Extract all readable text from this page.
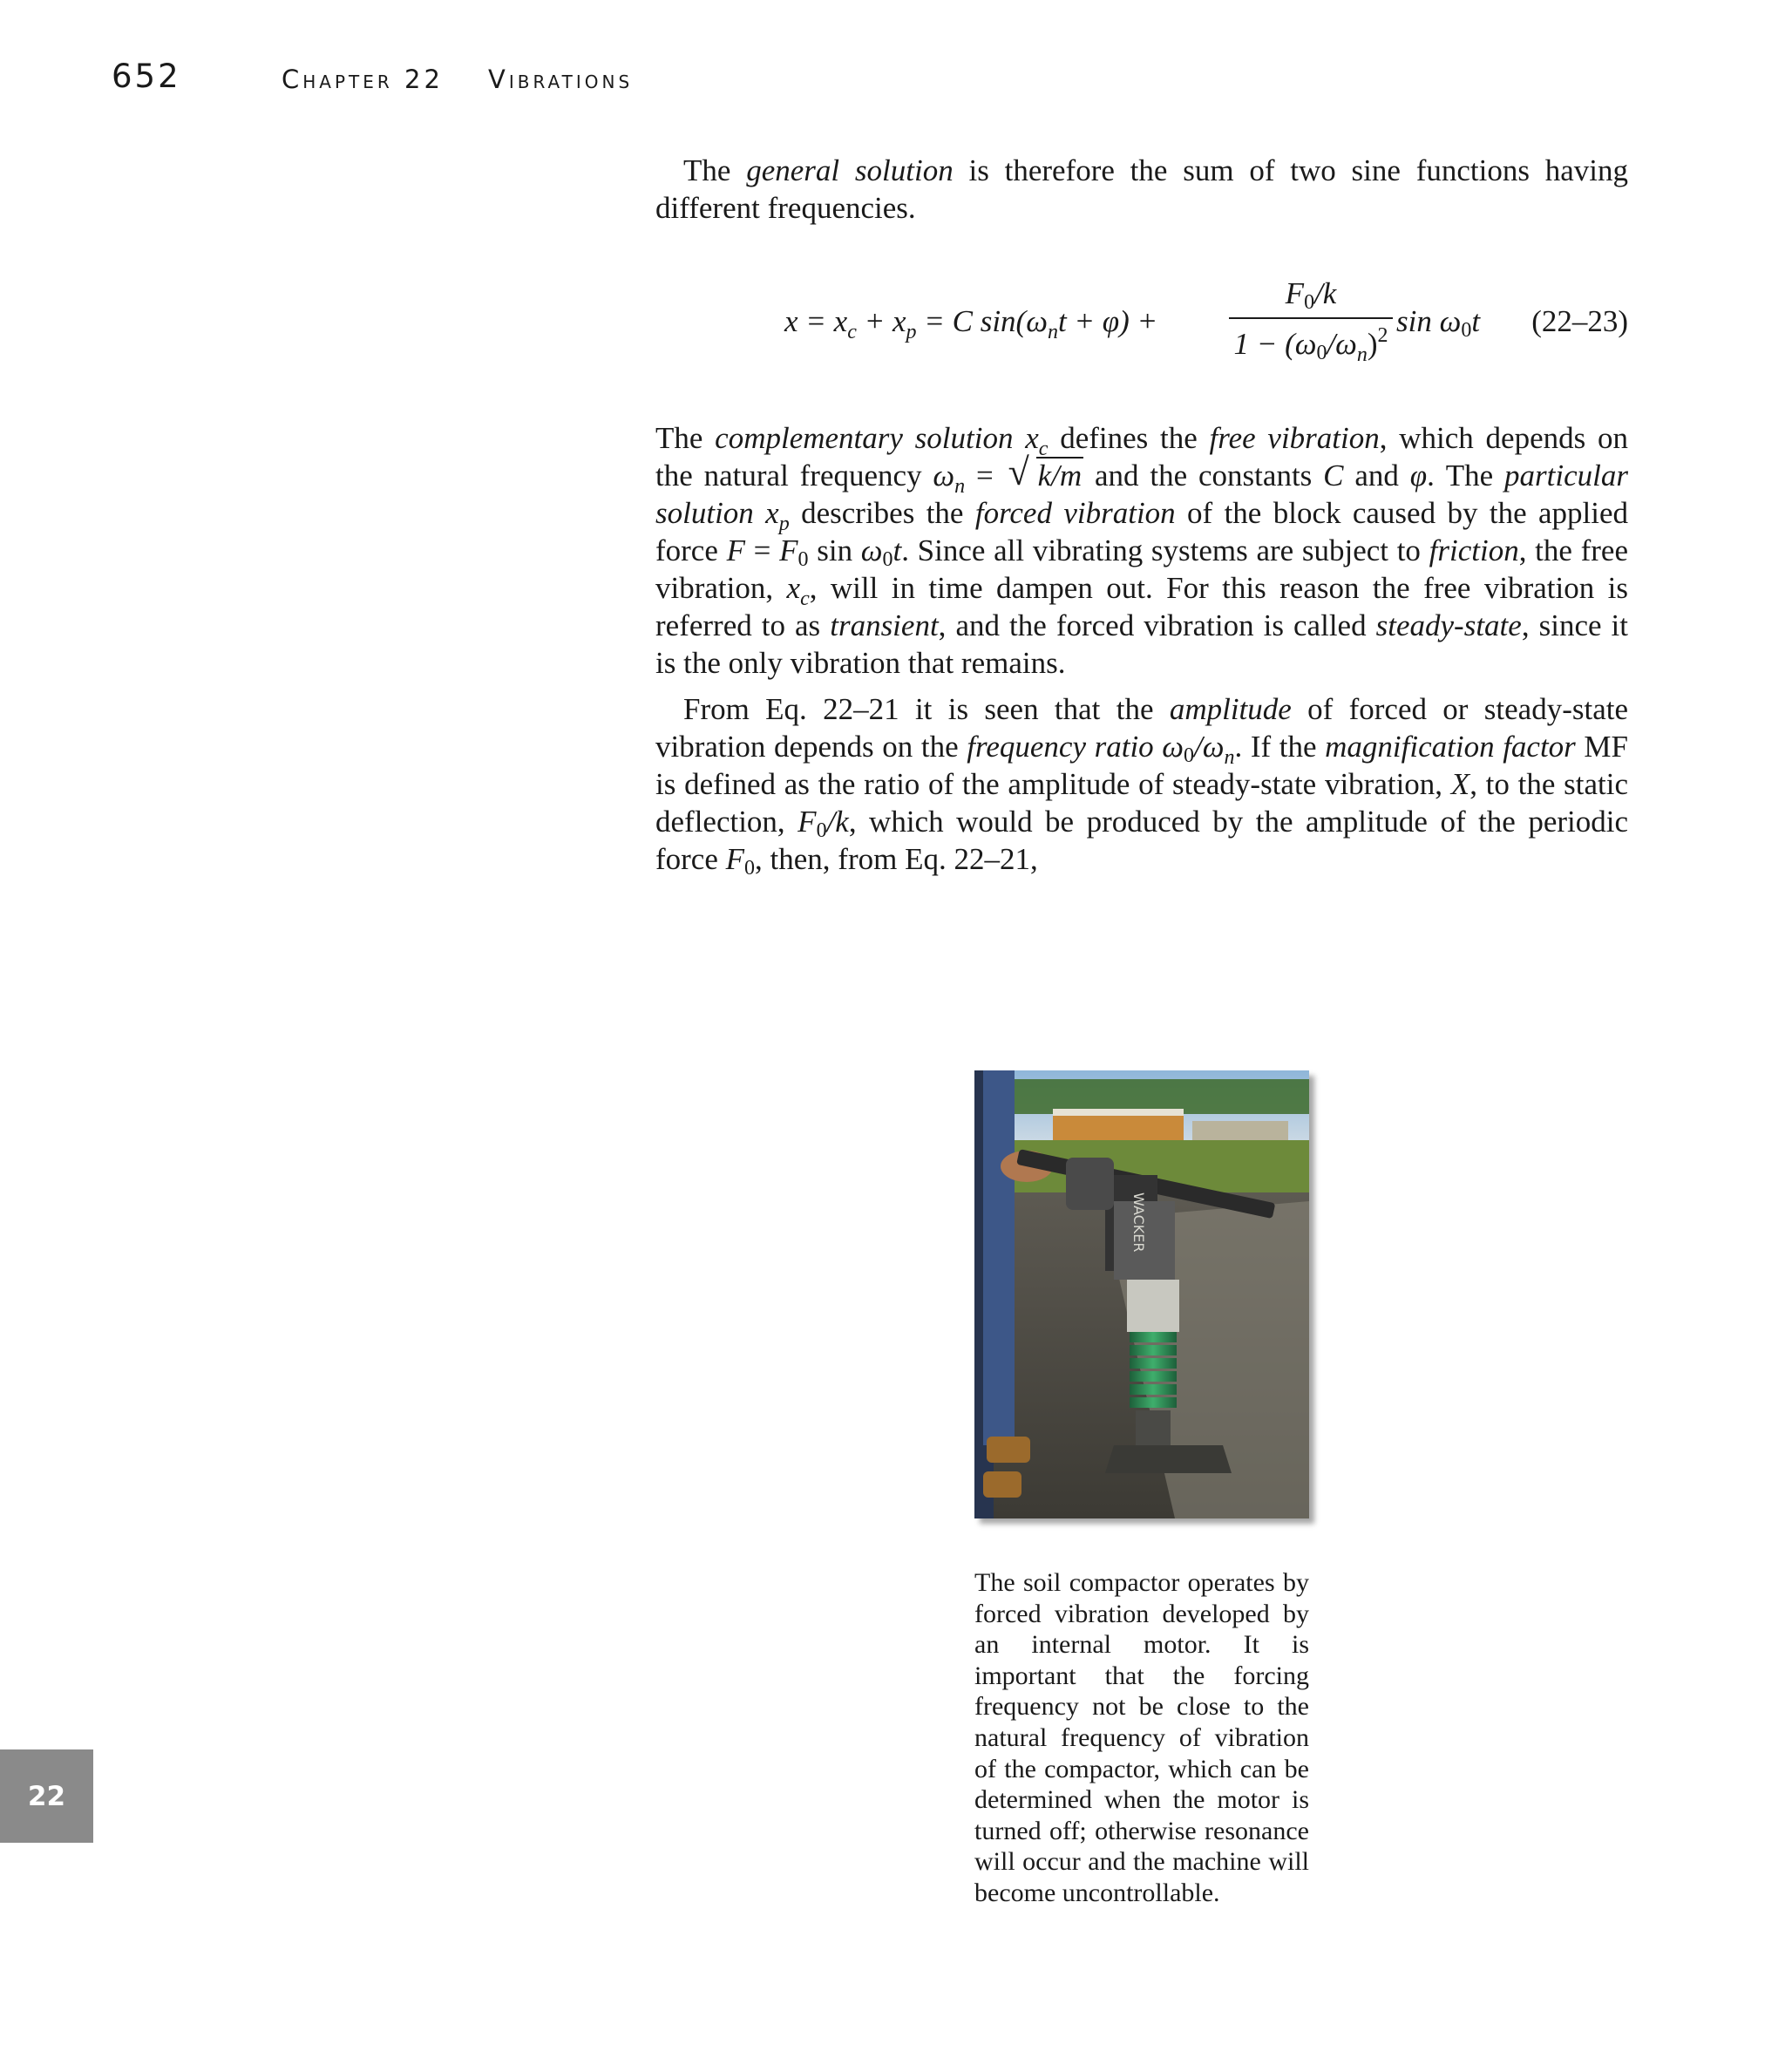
652	Chapter 22 Vibrations

The general solution is therefore the sum of two sine functions having different frequencies.

$x = x_c + x_p = C$ $\sin(\omega_nt + \varphi)$ +
$F_0/k$
$1 - (\omega_0/\omega_n)^2$ $\sin \omega_0t$ (22–23)

The complementary solution $x_c$ defines the free vibration, which depends on the natural frequency $\omega_n$ = √ k/m and the constants C and φ. The particular solution $x_p$ describes the forced vibration of the block caused by the applied force $F = F_0$ $\sin \omega_0t$. Since all vibrating systems are subject to friction, the free vibration, $x_c$, will in time dampen out. For this reason the free vibration is referred to as transient, and the forced vibration is called steady-state, since it is the only vibration that remains.

From Eq. 22–21 it is seen that the amplitude of forced or steady-state vibration depends on the frequency ratio $\omega_0/\omega_n$. If the magnification factor MF is defined as the ratio of the amplitude of steady-state vibration, X, to the static deflection, $F_0/k$, which would be produced by the amplitude of the periodic force $F_0$, then, from Eq. 22–21,

WACKER
The soil compactor operates by forced vibration developed by an internal motor. It is important that the forcing frequency not be close to the natural frequency of vibration of the compactor, which can be determined when the motor is turned off; otherwise resonance will occur and the machine will become uncontrollable.
22
